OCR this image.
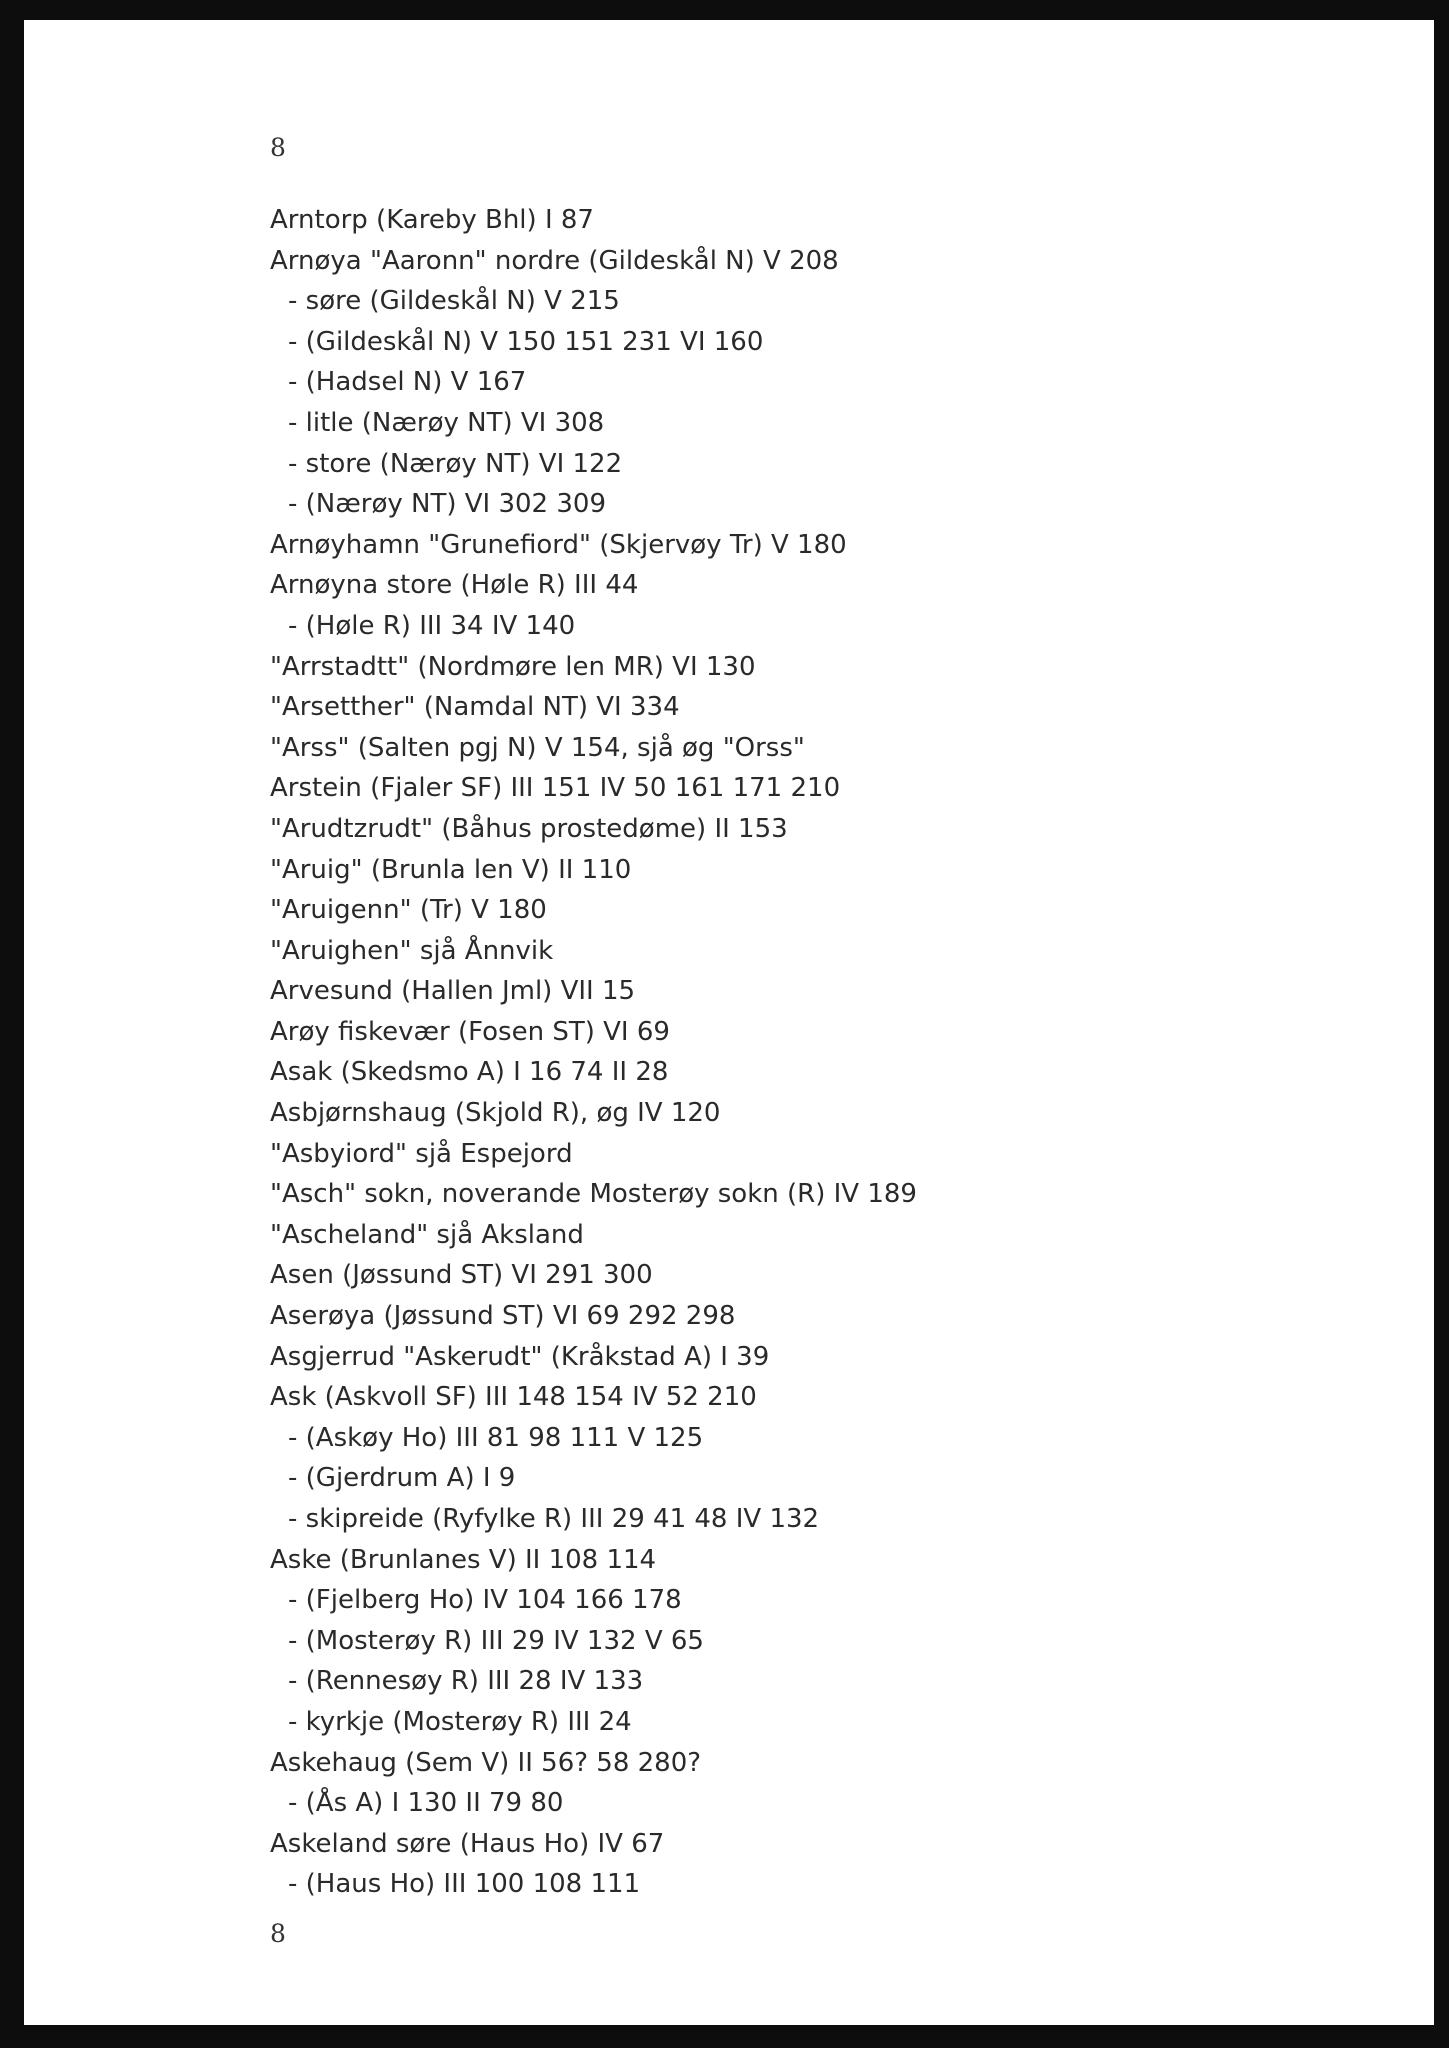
8
Arntorp (Kareby Bhl) I 87
Arnøya "Aaronn" nordre (Gildeskål N) V 208
- søre (Gildeskål N) V 215
- (Gildeskål N) V 150 151 231 VI 160
- (Hadsel N) V 167
- litle (Nærøy NT) VI 308
- store (Nærøy NT) VI 122
- (Nærøy NT) VI 302 309
Arnøyhamn "Grunefiord" (Skjervøy Tr) V 180
Arnøyna store (Høle R) III 44
- (Høle R) III 34 IV 140
"Arrstadtt" (Nordmøre len MR) VI 130
"Arsetther" (Namdal NT) VI 334
"Arss" (Salten pgj N) V 154, sjå øg "Orss"
Arstein (Fjaler SF) III 151 IV 50 161 171 210
"Arudtzrudt" (Båhus prostedøme) II 153
"Aruig" (Brunla len V) II 110
"Aruigenn" (Tr) V 180
"Aruighen" sjå Ånnvik
Arvesund (Hallen Jml) VII 15
Arøy fiskevær (Fosen ST) VI 69
Asak (Skedsmo A) I 16 74 II 28
Asbjørnshaug (Skjold R), øg IV 120
"Asbyiord" sjå Espejord
"Asch" sokn, noverande Mosterøy sokn (R) IV 189
"Ascheland" sjå Aksland
Asen (Jøssund ST) VI 291 300
Aserøya (Jøssund ST) VI 69 292 298
Asgjerrud "Askerudt" (Kråkstad A) I 39
Ask (Askvoll SF) III 148 154 IV 52 210
- (Askøy Ho) III 81 98 111 V 125
- (Gjerdrum A) I 9
- skipreide (Ryfylke R) III 29 41 48 IV 132
Aske (Brunlanes V) II 108 114
- (Fjelberg Ho) IV 104 166 178
- (Mosterøy R) III 29 IV 132 V 65
- (Rennesøy R) III 28 IV 133
- kyrkje (Mosterøy R) III 24
Askehaug (Sem V) II 56? 58 280?
- (Ås A) I 130 II 79 80
Askeland søre (Haus Ho) IV 67
- (Haus Ho) III 100 108 111
8
